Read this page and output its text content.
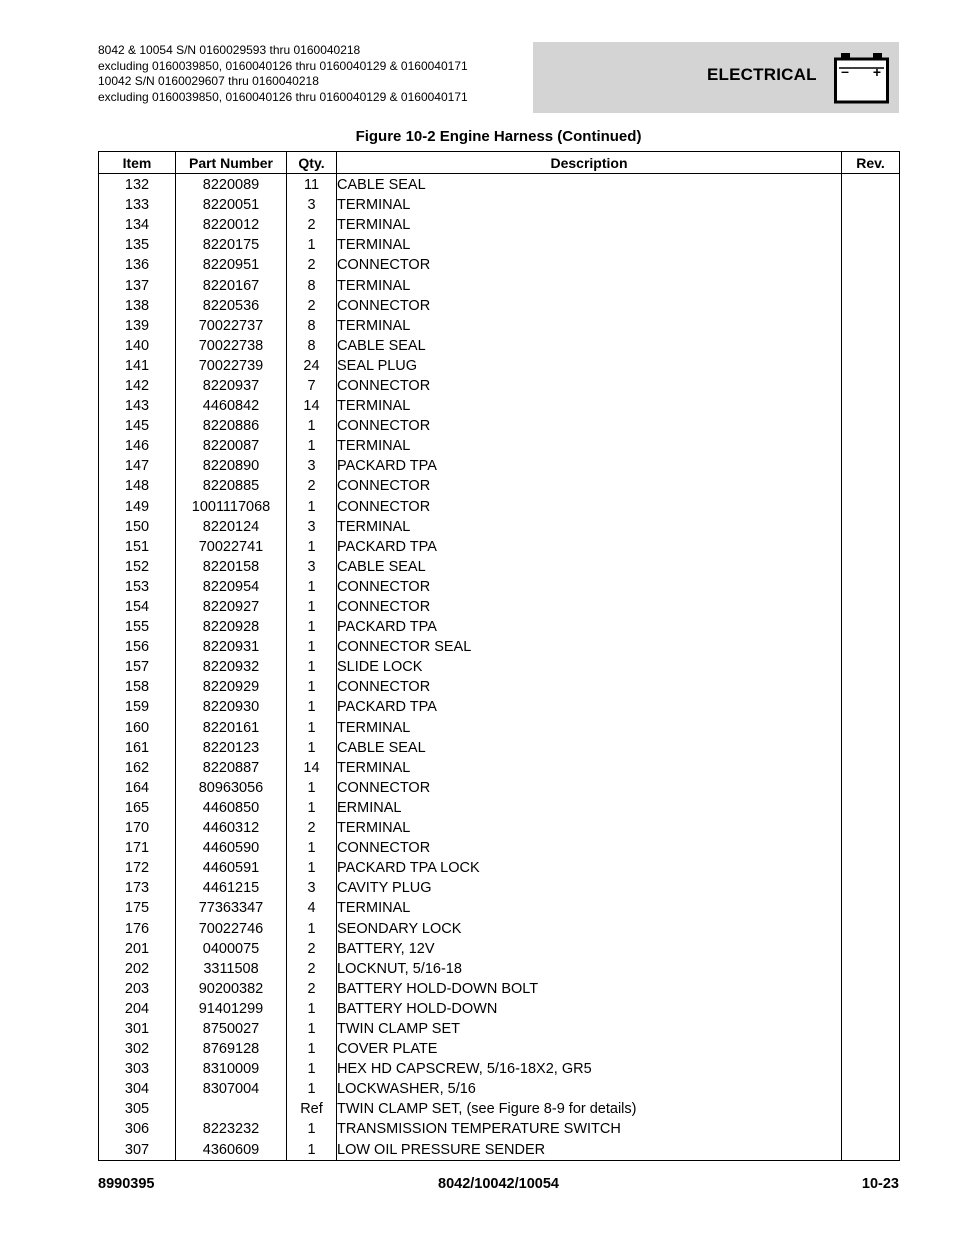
8042 & 10054 S/N 0160029593 thru 0160040218
excluding 0160039850, 0160040126 thru 0160040129 & 0160040171
10042 S/N 0160029607 thru 0160040218
excluding 0160039850, 0160040126 thru 0160040129 & 0160040171
ELECTRICAL – +
Figure 10-2 Engine Harness (Continued)
Item	Part Number	Qty.	Description	Rev.
132	8220089	11	CABLE SEAL	
133	8220051	3	TERMINAL	
134	8220012	2	TERMINAL	
135	8220175	1	TERMINAL	
136	8220951	2	CONNECTOR	
137	8220167	8	TERMINAL	
138	8220536	2	CONNECTOR	
139	70022737	8	TERMINAL	
140	70022738	8	CABLE SEAL	
141	70022739	24	SEAL PLUG	
142	8220937	7	CONNECTOR	
143	4460842	14	TERMINAL	
145	8220886	1	CONNECTOR	
146	8220087	1	TERMINAL	
147	8220890	3	PACKARD TPA	
148	8220885	2	CONNECTOR	
149	1001117068	1	CONNECTOR	
150	8220124	3	TERMINAL	
151	70022741	1	PACKARD TPA	
152	8220158	3	CABLE SEAL	
153	8220954	1	CONNECTOR	
154	8220927	1	CONNECTOR	
155	8220928	1	PACKARD TPA	
156	8220931	1	CONNECTOR SEAL	
157	8220932	1	SLIDE LOCK	
158	8220929	1	CONNECTOR	
159	8220930	1	PACKARD TPA	
160	8220161	1	TERMINAL	
161	8220123	1	CABLE SEAL	
162	8220887	14	TERMINAL	
164	80963056	1	CONNECTOR	
165	4460850	1	ERMINAL	
170	4460312	2	TERMINAL	
171	4460590	1	CONNECTOR	
172	4460591	1	PACKARD TPA LOCK	
173	4461215	3	CAVITY PLUG	
175	77363347	4	TERMINAL	
176	70022746	1	SEONDARY LOCK	
201	0400075	2	BATTERY, 12V	
202	3311508	2	LOCKNUT, 5/16-18	
203	90200382	2	BATTERY HOLD-DOWN BOLT	
204	91401299	1	BATTERY HOLD-DOWN	
301	8750027	1	TWIN CLAMP SET	
302	8769128	1	COVER PLATE	
303	8310009	1	HEX HD CAPSCREW, 5/16-18X2, GR5	
304	8307004	1	LOCKWASHER, 5/16	
305		Ref	TWIN CLAMP SET, (see Figure 8-9 for details)	
306	8223232	1	TRANSMISSION TEMPERATURE SWITCH	
307	4360609	1	LOW OIL PRESSURE SENDER	
8990395	8042/10042/10054	10-23
